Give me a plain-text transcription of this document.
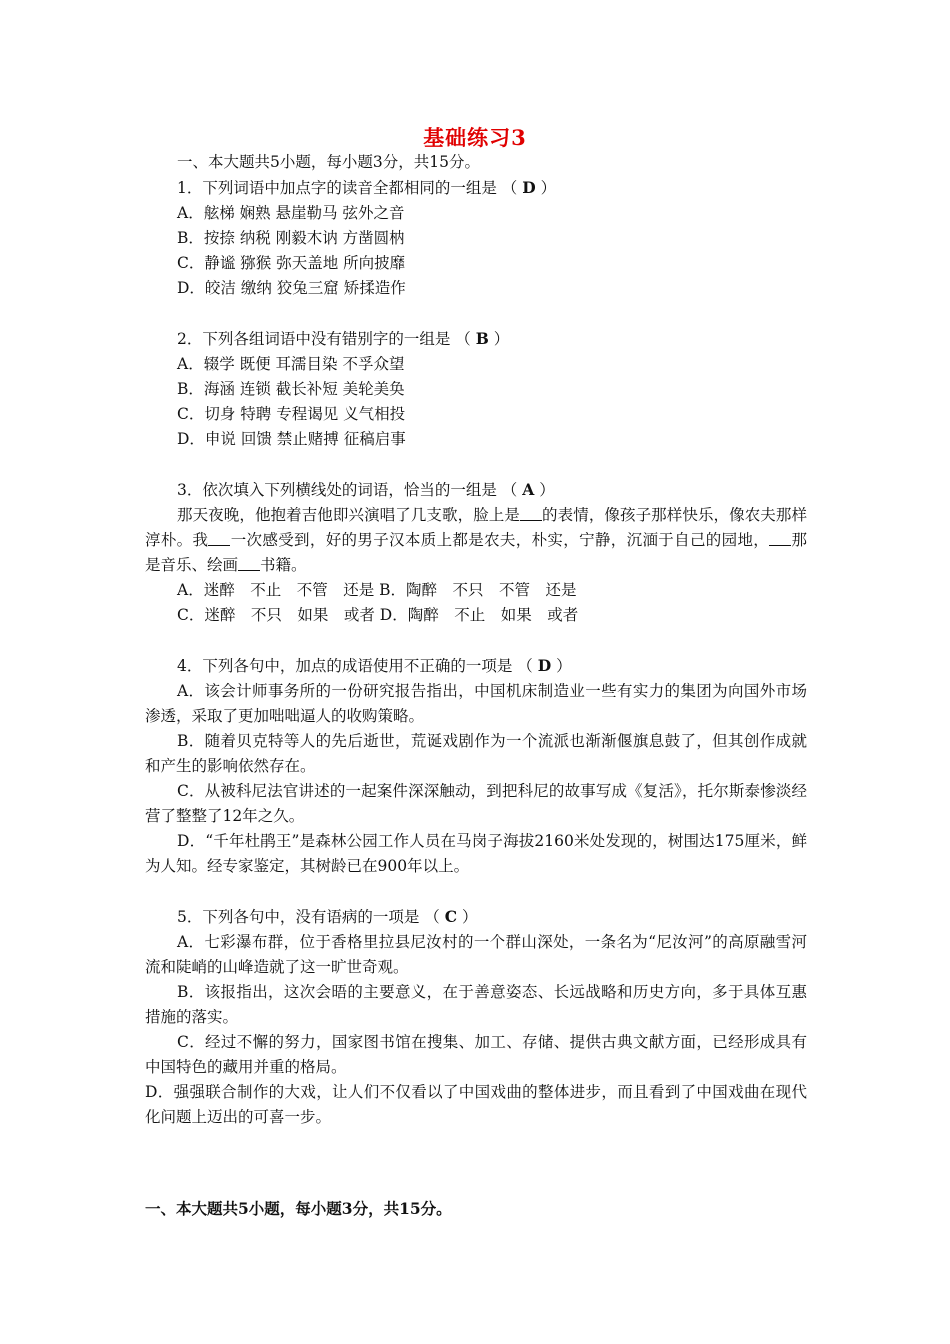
基础练习3

一、本大题共5小题，每小题3分，共15分。

1．下列词语中加点字的读音全都相同的一组是 （ D ）

A．舷梯 娴熟 悬崖勒马 弦外之音

B．按捺 纳税 刚毅木讷 方凿圆枘

C．静谧 猕猴 弥天盖地 所向披靡

D．皎洁 缴纳 狡兔三窟 矫揉造作

2．下列各组词语中没有错别字的一组是 （ B ）

A．辍学 既便 耳濡目染 不孚众望

B．海涵 连锁 截长补短 美轮美奂

C．切身 特聘 专程谒见 义气相投

D．申说 回馈 禁止赌搏 征稿启事

3．依次填入下列横线处的词语，恰当的一组是 （ A ）

那天夜晚，他抱着吉他即兴演唱了几支歌，脸上是 的表情，像孩子那样快乐，像农夫那样淳朴。我 一次感受到，好的男子汉本质上都是农夫，朴实，宁静，沉湎于自己的园地， 那是音乐、绘画 书籍。

A．迷醉　不止　不管　还是 B．陶醉　不只　不管　还是

C．迷醉　不只　如果　或者 D．陶醉　不止　如果　或者

4．下列各句中，加点的成语使用不正确的一项是 （ D ）

A．该会计师事务所的一份研究报告指出，中国机床制造业一些有实力的集团为向国外市场渗透，采取了更加咄咄逼人的收购策略。

B．随着贝克特等人的先后逝世，荒诞戏剧作为一个流派也渐渐偃旗息鼓了，但其创作成就和产生的影响依然存在。

C．从被科尼法官讲述的一起案件深深触动，到把科尼的故事写成《复活》，托尔斯泰惨淡经营了整整了12年之久。

D．“千年杜鹃王”是森林公园工作人员在马岗子海拔2160米处发现的，树围达175厘米，鲜为人知。经专家鉴定，其树龄已在900年以上。

5．下列各句中，没有语病的一项是 （ C ）

A．七彩瀑布群，位于香格里拉县尼汝村的一个群山深处，一条名为“尼汝河”的高原融雪河流和陡峭的山峰造就了这一旷世奇观。

B．该报指出，这次会晤的主要意义，在于善意姿态、长远战略和历史方向，多于具体互惠措施的落实。

C．经过不懈的努力，国家图书馆在搜集、加工、存储、提供古典文献方面，已经形成具有中国特色的藏用并重的格局。

D．强强联合制作的大戏，让人们不仅看以了中国戏曲的整体进步，而且看到了中国戏曲在现代化问题上迈出的可喜一步。

一、本大题共5小题，每小题3分，共15分。
